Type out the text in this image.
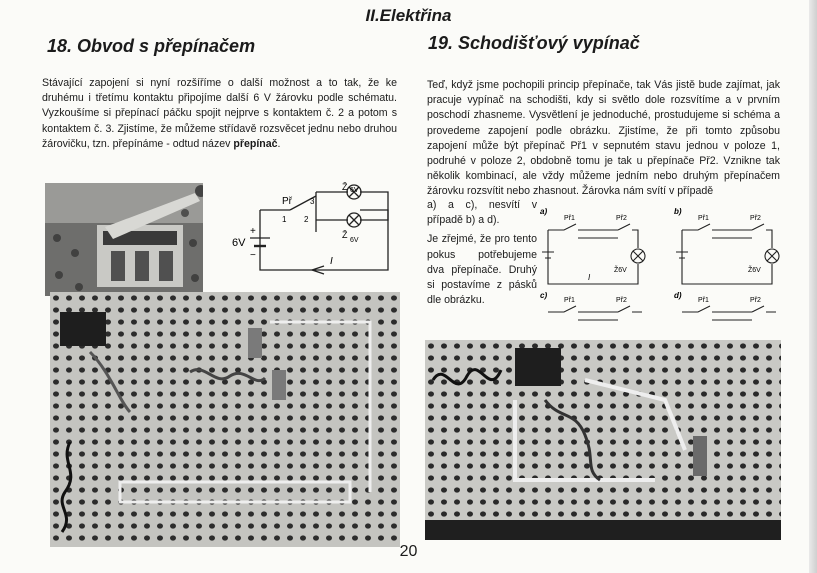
II.Elektřina
18. Obvod s přepínačem

Stávající zapojení si nyní rozšíříme o další možnost a to tak, že ke druhému i třetímu kontaktu připojíme další 6 V žárovku podle schématu. Vyzkoušíme si přepínací páčku spojit nejprve s kontaktem č. 2 a potom s kontaktem č. 3. Zjistíme, že můžeme střídavě rozsvěcet jednu nebo druhou žárovičku, tzn. přepínáme - odtud název přepínač.

Př 3
1 2
Ž 6V
Ž
6V
6V
+
−
I
19. Schodišťový vypínač

Teď, když jsme pochopili princip přepínače, tak Vás jistě bude zajímat, jak pracuje vypínač na schodišti, kdy si světlo dole rozsvítíme a v prvním poschodí zhasneme. Vysvětlení je jednoduché, prostudujeme si schéma a provedeme zapojení podle obrázku. Zjistíme, že při tomto způsobu zapojení může být přepínač Př1 v sepnutém stavu jednou v poloze 1, podruhé v poloze 2, obdobně tomu je tak u přepínače Př2. Vznikne tak několik kombinací, ale vždy můžeme jedním nebo druhým přepínačem žárovku rozsvítit nebo zhasnout. Žárovka nám svítí v případě

a) a c), nesvítí v případě b) a d).

Je zřejmé, že pro tento pokus potřebujeme dva přepínače. Druhý si postavíme z pásků dle obrázku.

a)
Př1	Př2
Ž6V
I
b)
Př1	Př2
Ž6V
c)
Př1	Př2
d)
Př1	Př2
20
